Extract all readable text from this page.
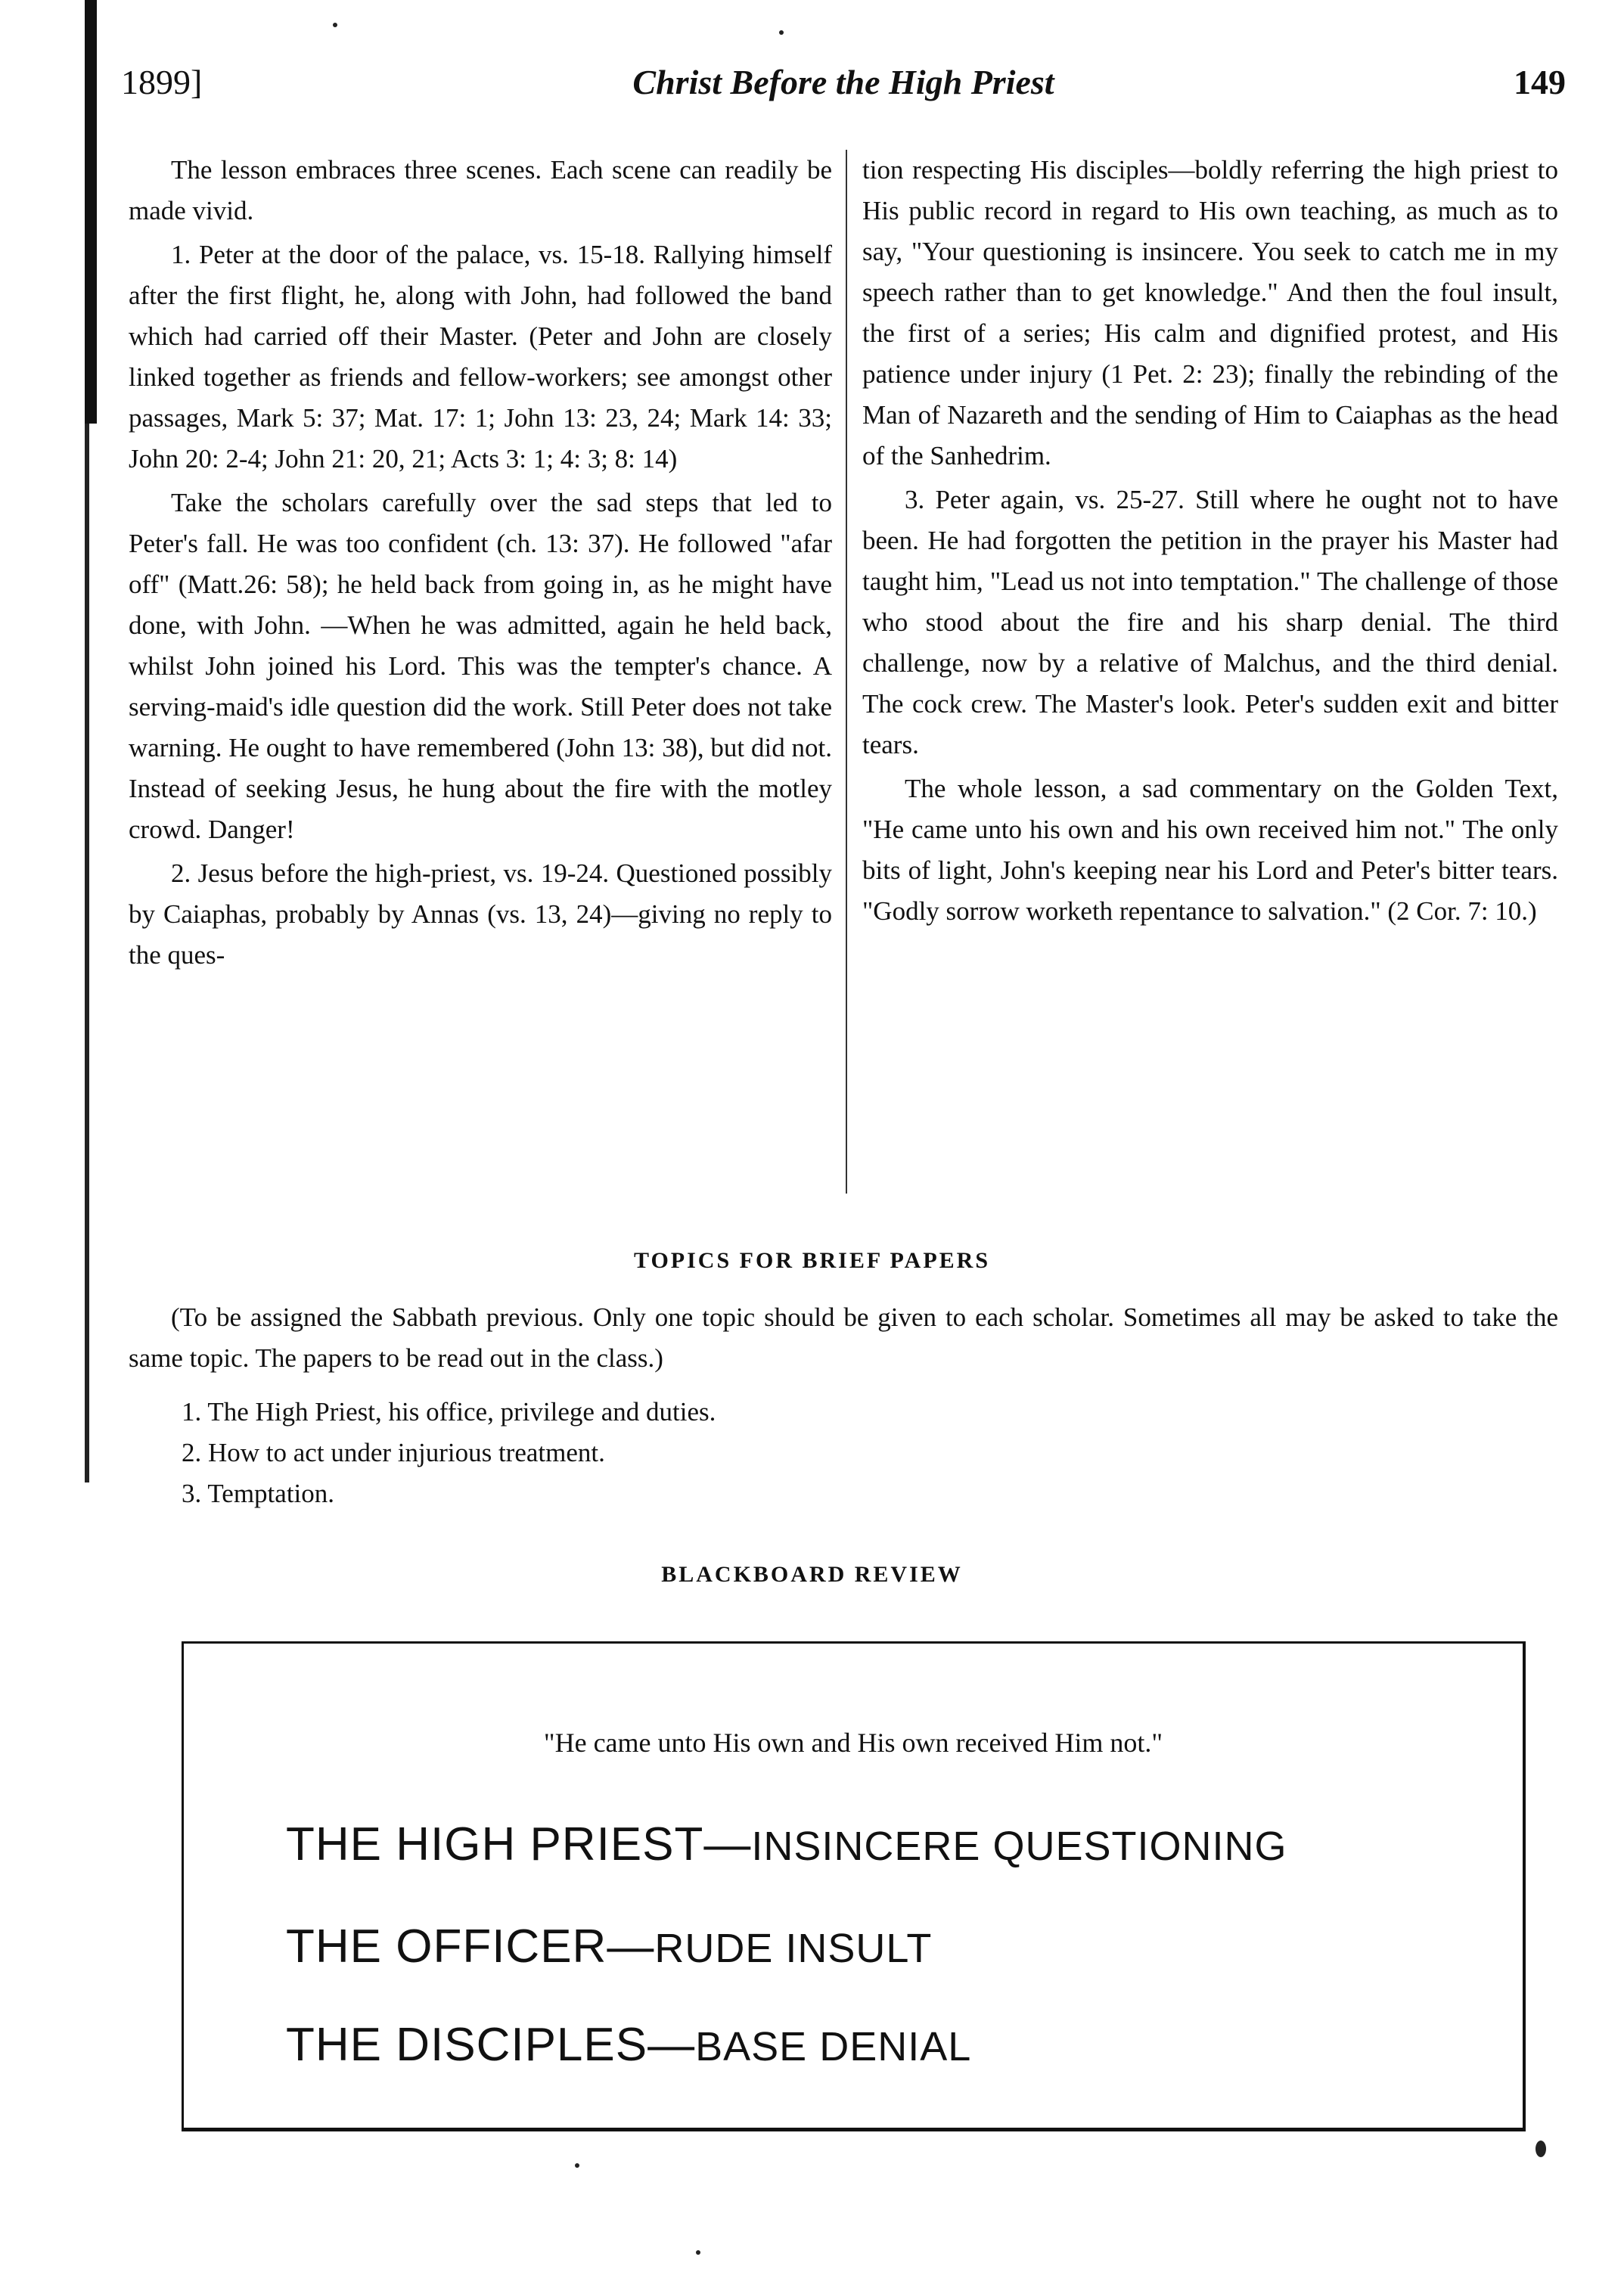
1899]	Christ Before the High Priest	149

The lesson embraces three scenes. Each scene can readily be made vivid.

1. Peter at the door of the palace, vs. 15-18. Rallying himself after the first flight, he, along with John, had followed the band which had carried off their Master. (Peter and John are closely linked together as friends and fellow-workers; see amongst other passages, Mark 5: 37; Mat. 17: 1; John 13: 23, 24; Mark 14: 33; John 20: 2-4; John 21: 20, 21; Acts 3: 1; 4: 3; 8: 14)

Take the scholars carefully over the sad steps that led to Peter's fall. He was too confident (ch. 13: 37). He followed "afar off" (Matt.26: 58); he held back from going in, as he might have done, with John. —When he was admitted, again he held back, whilst John joined his Lord. This was the tempter's chance. A serving-maid's idle question did the work. Still Peter does not take warning. He ought to have remembered (John 13: 38), but did not. Instead of seeking Jesus, he hung about the fire with the motley crowd. Danger!

2. Jesus before the high-priest, vs. 19-24. Questioned possibly by Caiaphas, probably by Annas (vs. 13, 24)—giving no reply to the ques-

tion respecting His disciples—boldly referring the high priest to His public record in regard to His own teaching, as much as to say, "Your questioning is insincere. You seek to catch me in my speech rather than to get knowledge." And then the foul insult, the first of a series; His calm and dignified protest, and His patience under injury (1 Pet. 2: 23); finally the rebinding of the Man of Nazareth and the sending of Him to Caiaphas as the head of the Sanhedrim.

3. Peter again, vs. 25-27. Still where he ought not to have been. He had forgotten the petition in the prayer his Master had taught him, "Lead us not into temptation." The challenge of those who stood about the fire and his sharp denial. The third challenge, now by a relative of Malchus, and the third denial. The cock crew. The Master's look. Peter's sudden exit and bitter tears.

The whole lesson, a sad commentary on the Golden Text, "He came unto his own and his own received him not." The only bits of light, John's keeping near his Lord and Peter's bitter tears. "Godly sorrow worketh repentance to salvation." (2 Cor. 7: 10.)

TOPICS FOR BRIEF PAPERS

(To be assigned the Sabbath previous. Only one topic should be given to each scholar. Sometimes all may be asked to take the same topic. The papers to be read out in the class.)

1. The High Priest, his office, privilege and duties.
2. How to act under injurious treatment.
3. Temptation.
BLACKBOARD REVIEW
"He came unto His own and His own received Him not."
THE HIGH PRIEST—INSINCERE QUESTIONING
THE OFFICER—RUDE INSULT
THE DISCIPLES—BASE DENIAL
